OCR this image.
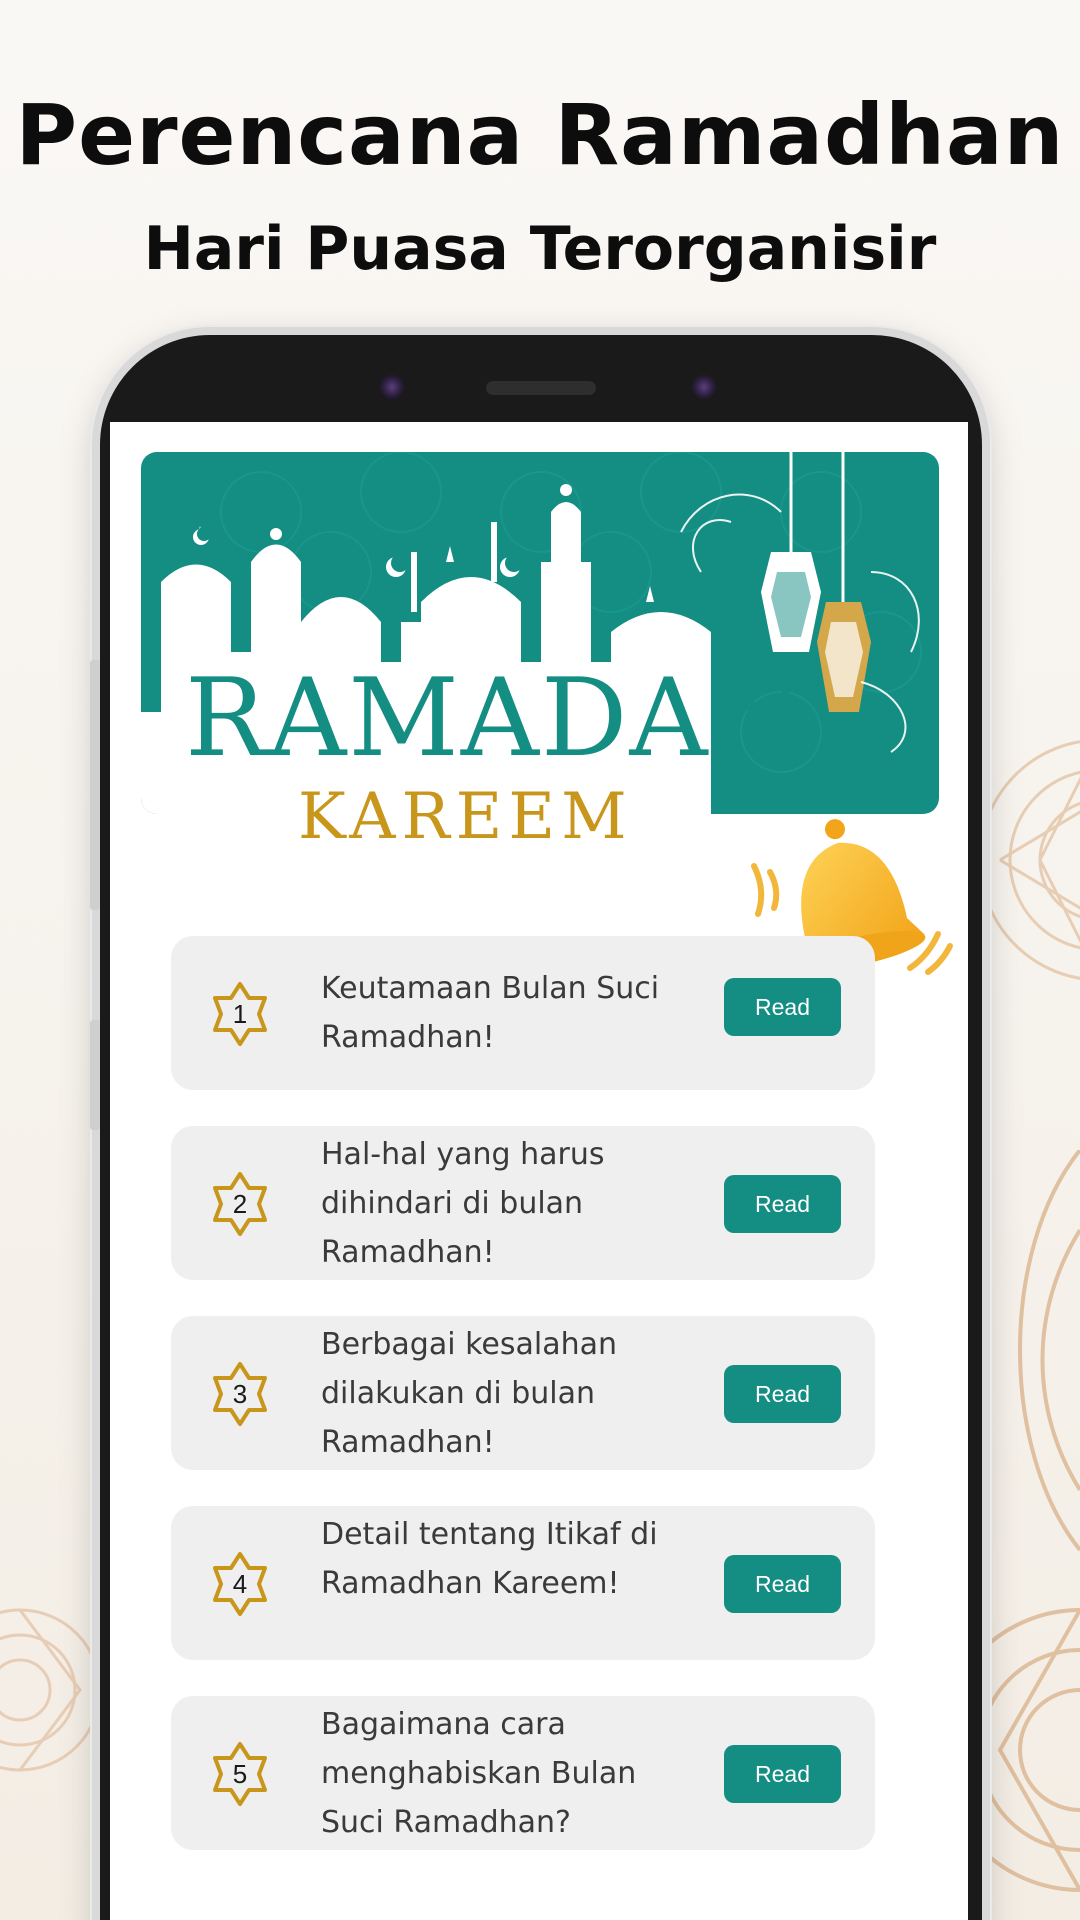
Perencana Ramadhan
Hari Puasa Terorganisir
RAMADAN
KAREEM
1
Keutamaan Bulan Suci Ramadhan!
Read
2
Hal-hal yang harus dihindari di bulan Ramadhan!
Read
3
Berbagai kesalahan dilakukan di bulan Ramadhan!
Read
4
Detail tentang Itikaf di Ramadhan Kareem!	Read
5
Bagaimana cara menghabiskan Bulan Suci Ramadhan?
Read
